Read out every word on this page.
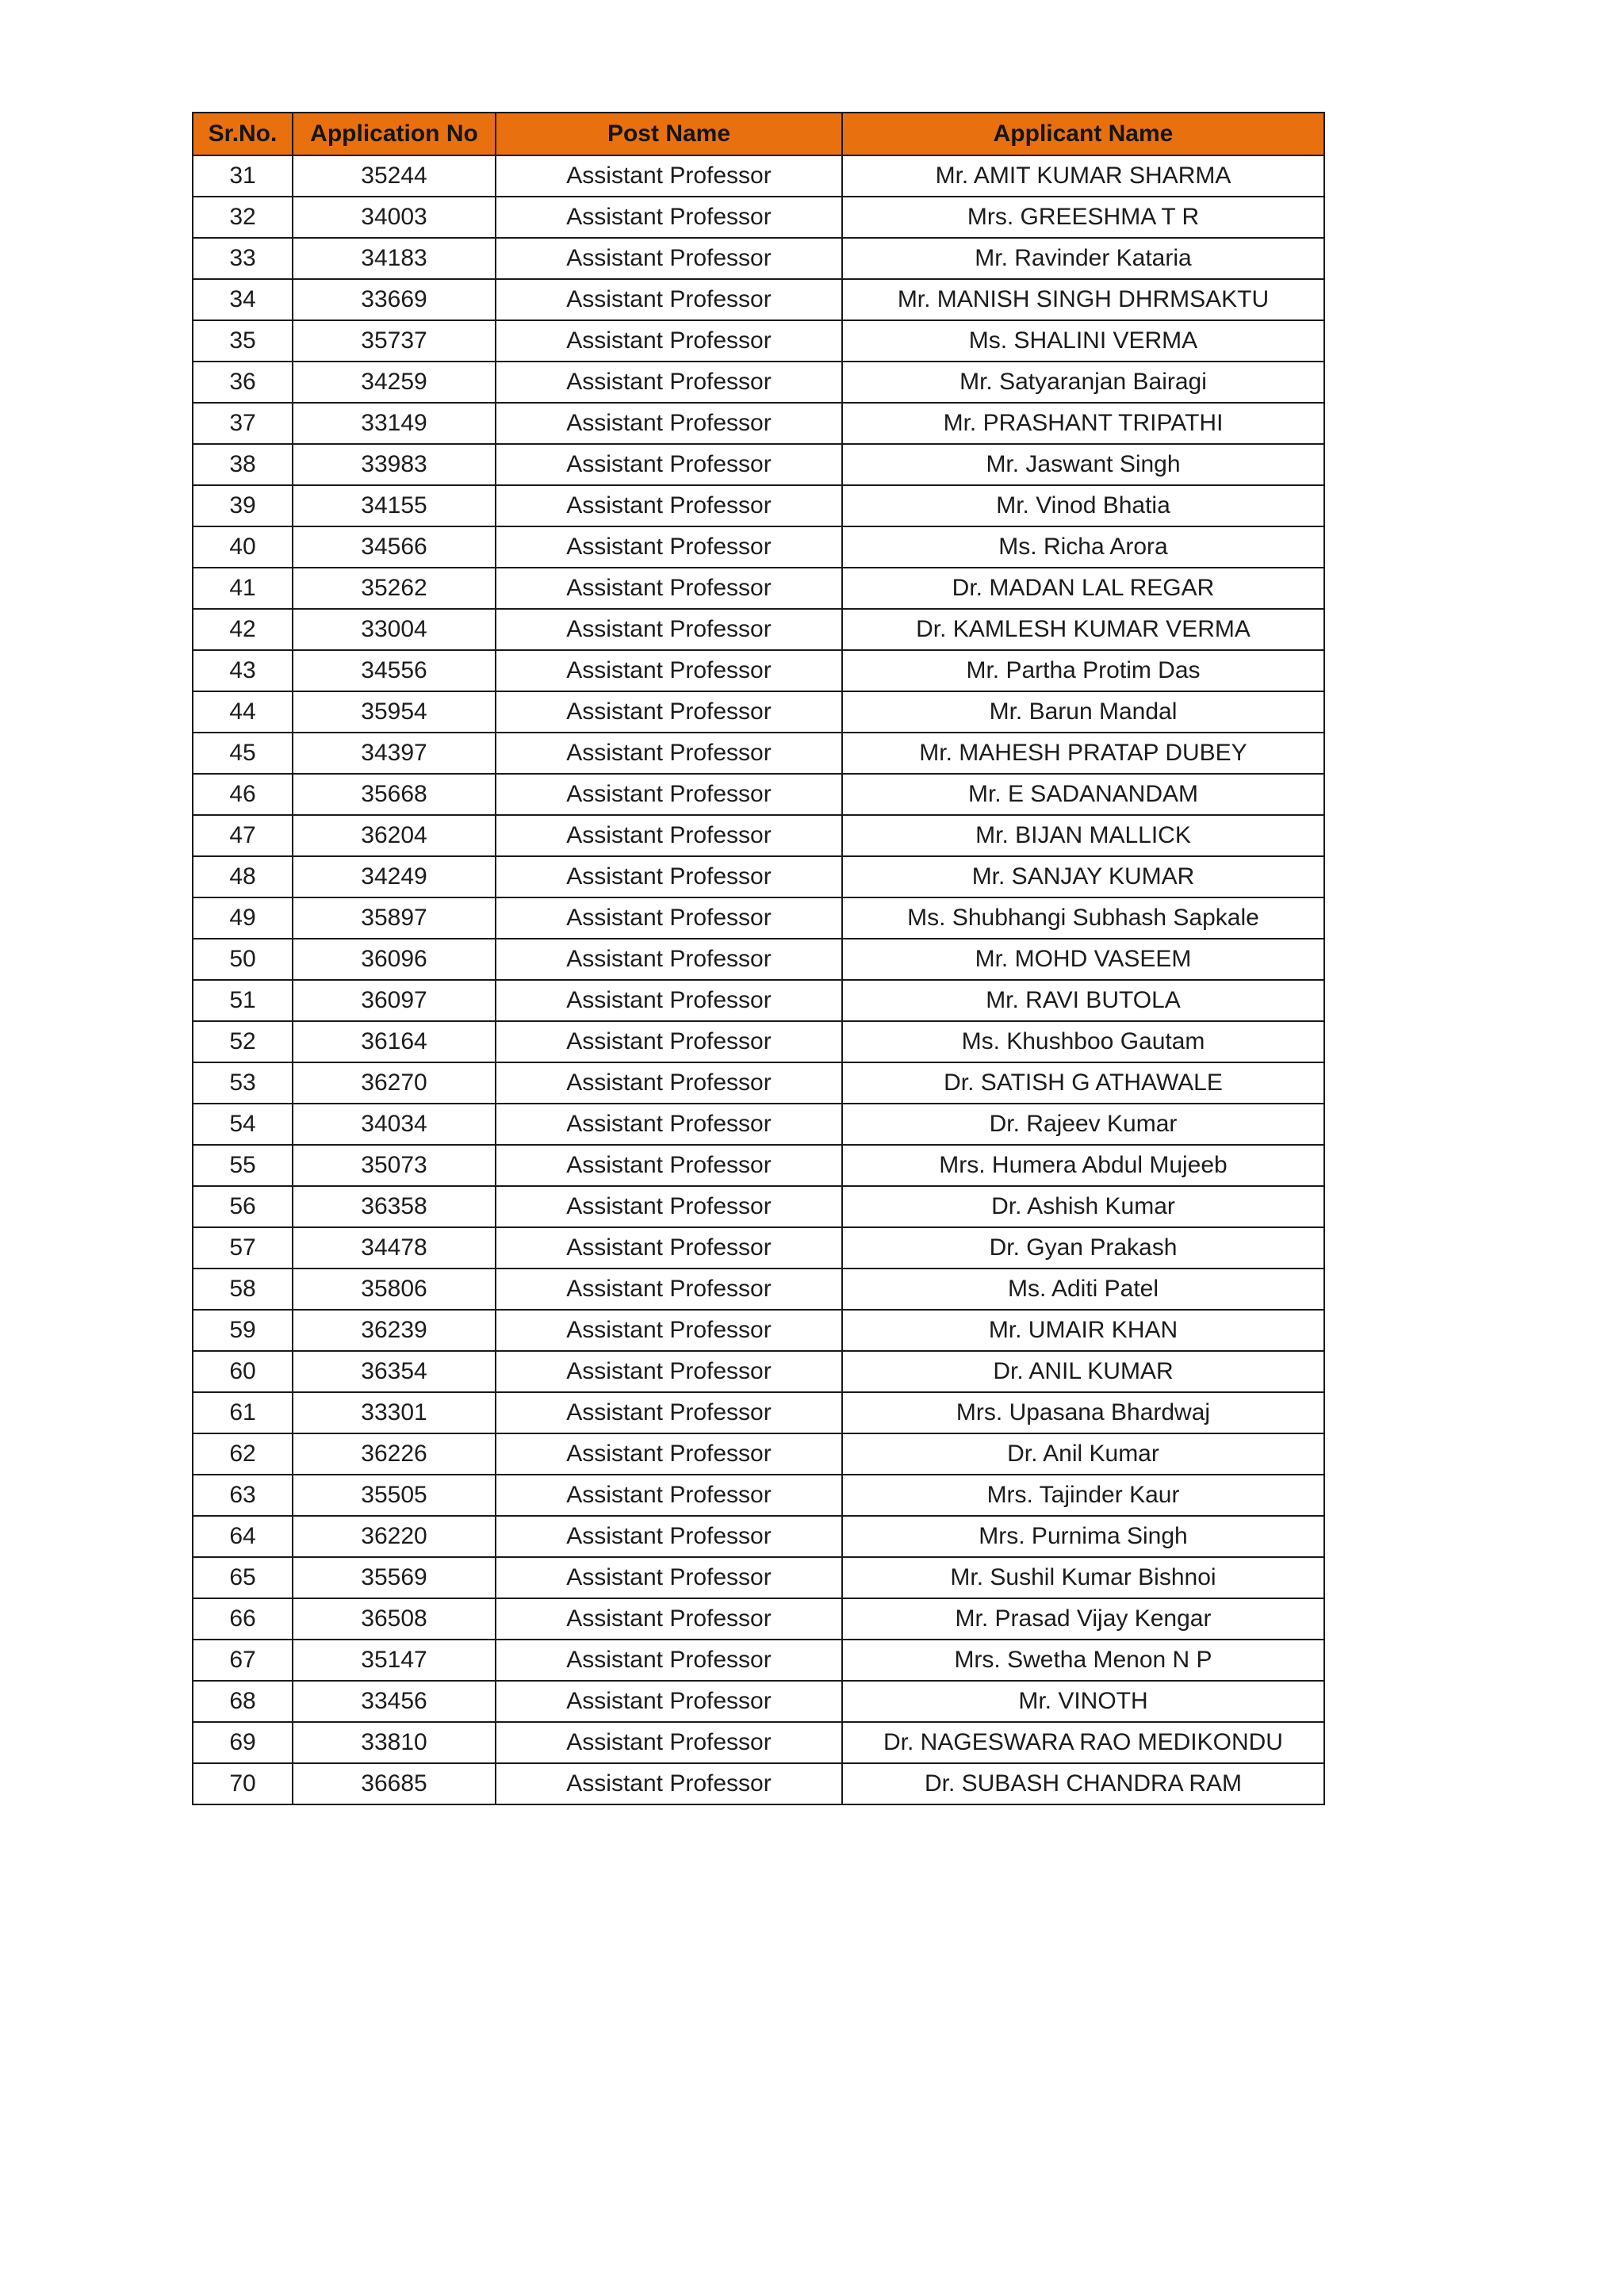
Sr.No.	Application No	Post Name	Applicant Name
31	35244	Assistant Professor	Mr. AMIT KUMAR SHARMA
32	34003	Assistant Professor	Mrs. GREESHMA T R
33	34183	Assistant Professor	Mr. Ravinder Kataria
34	33669	Assistant Professor	Mr. MANISH SINGH DHRMSAKTU
35	35737	Assistant Professor	Ms. SHALINI VERMA
36	34259	Assistant Professor	Mr. Satyaranjan Bairagi
37	33149	Assistant Professor	Mr. PRASHANT TRIPATHI
38	33983	Assistant Professor	Mr. Jaswant Singh
39	34155	Assistant Professor	Mr. Vinod Bhatia
40	34566	Assistant Professor	Ms. Richa Arora
41	35262	Assistant Professor	Dr. MADAN LAL REGAR
42	33004	Assistant Professor	Dr. KAMLESH KUMAR VERMA
43	34556	Assistant Professor	Mr. Partha Protim Das
44	35954	Assistant Professor	Mr. Barun Mandal
45	34397	Assistant Professor	Mr. MAHESH PRATAP DUBEY
46	35668	Assistant Professor	Mr. E SADANANDAM
47	36204	Assistant Professor	Mr. BIJAN MALLICK
48	34249	Assistant Professor	Mr. SANJAY KUMAR
49	35897	Assistant Professor	Ms. Shubhangi Subhash Sapkale
50	36096	Assistant Professor	Mr. MOHD VASEEM
51	36097	Assistant Professor	Mr. RAVI BUTOLA
52	36164	Assistant Professor	Ms. Khushboo Gautam
53	36270	Assistant Professor	Dr. SATISH G ATHAWALE
54	34034	Assistant Professor	Dr. Rajeev Kumar
55	35073	Assistant Professor	Mrs. Humera Abdul Mujeeb
56	36358	Assistant Professor	Dr. Ashish Kumar
57	34478	Assistant Professor	Dr. Gyan Prakash
58	35806	Assistant Professor	Ms. Aditi Patel
59	36239	Assistant Professor	Mr. UMAIR KHAN
60	36354	Assistant Professor	Dr. ANIL KUMAR
61	33301	Assistant Professor	Mrs. Upasana Bhardwaj
62	36226	Assistant Professor	Dr. Anil Kumar
63	35505	Assistant Professor	Mrs. Tajinder Kaur
64	36220	Assistant Professor	Mrs. Purnima Singh
65	35569	Assistant Professor	Mr. Sushil Kumar Bishnoi
66	36508	Assistant Professor	Mr. Prasad Vijay Kengar
67	35147	Assistant Professor	Mrs. Swetha Menon N P
68	33456	Assistant Professor	Mr. VINOTH
69	33810	Assistant Professor	Dr. NAGESWARA RAO MEDIKONDU
70	36685	Assistant Professor	Dr. SUBASH CHANDRA RAM
